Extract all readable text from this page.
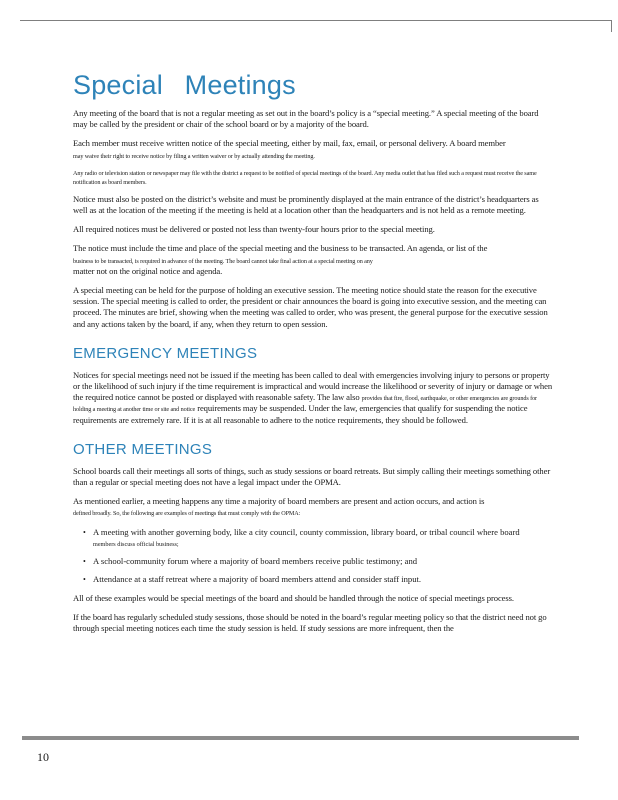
Special Meetings

Any meeting of the board that is not a regular meeting as set out in the board’s policy is a “special meeting.” A special meeting of the board may be called by the president or chair of the school board or by a majority of the board.

Each member must receive written notice of the special meeting, either by mail, fax, email, or personal delivery. A board member
may waive their right to receive notice by filing a written waiver or by actually attending the meeting.

Any radio or television station or newspaper may file with the district a request to be notified of special meetings of the board. Any media outlet that has filed such a request must receive the same notification as board members.

Notice must also be posted on the district’s website and must be prominently displayed at the main entrance of the district’s headquarters as well as at the location of the meeting if the meeting is held at a location other than the headquarters and is not held as a remote meeting.

All required notices must be delivered or posted not less than twenty-four hours prior to the special meeting.

The notice must include the time and place of the special meeting and the business to be transacted. An agenda, or list of the
business to be transacted, is required in advance of the meeting. The board cannot take final action at a special meeting on any
matter not on the original notice and agenda.

A special meeting can be held for the purpose of holding an executive session. The meeting notice should state the reason for the executive session. The special meeting is called to order, the president or chair announces the board is going into executive session, and the meeting can proceed. The minutes are brief, showing when the meeting was called to order, who was present, the general purpose for the executive session and any actions taken by the board, if any, when they return to open session.

EMERGENCY MEETINGS

Notices for special meetings need not be issued if the meeting has been called to deal with emergencies involving injury to persons or property or the likelihood of such injury if the time requirement is impractical and would increase the likelihood or severity of injury or damage or when the required notice cannot be posted or displayed with reasonable safety. The law also provides that fire, flood, earthquake, or other emergencies are grounds for holding a meeting at another time or site and notice requirements may be suspended. Under the law, emergencies that qualify for suspending the notice requirements are extremely rare. If it is at all reasonable to adhere to the notice requirements, they should be followed.

OTHER MEETINGS

School boards call their meetings all sorts of things, such as study sessions or board retreats. But simply calling their meetings something other than a regular or special meeting does not have a legal impact under the OPMA.

As mentioned earlier, a meeting happens any time a majority of board members are present and action occurs, and action is
defined broadly. So, the following are examples of meetings that must comply with the OPMA:

• A meeting with another governing body, like a city council, county commission, library board, or tribal council where board
members discuss official business;
• A school-community forum where a majority of board members receive public testimony; and
• Attendance at a staff retreat where a majority of board members attend and consider staff input.

All of these examples would be special meetings of the board and should be handled through the notice of special meetings process.

If the board has regularly scheduled study sessions, those should be noted in the board’s regular meeting policy so that the district need not go through special meeting notices each time the study session is held. If study sessions are more infrequent, then the

10
